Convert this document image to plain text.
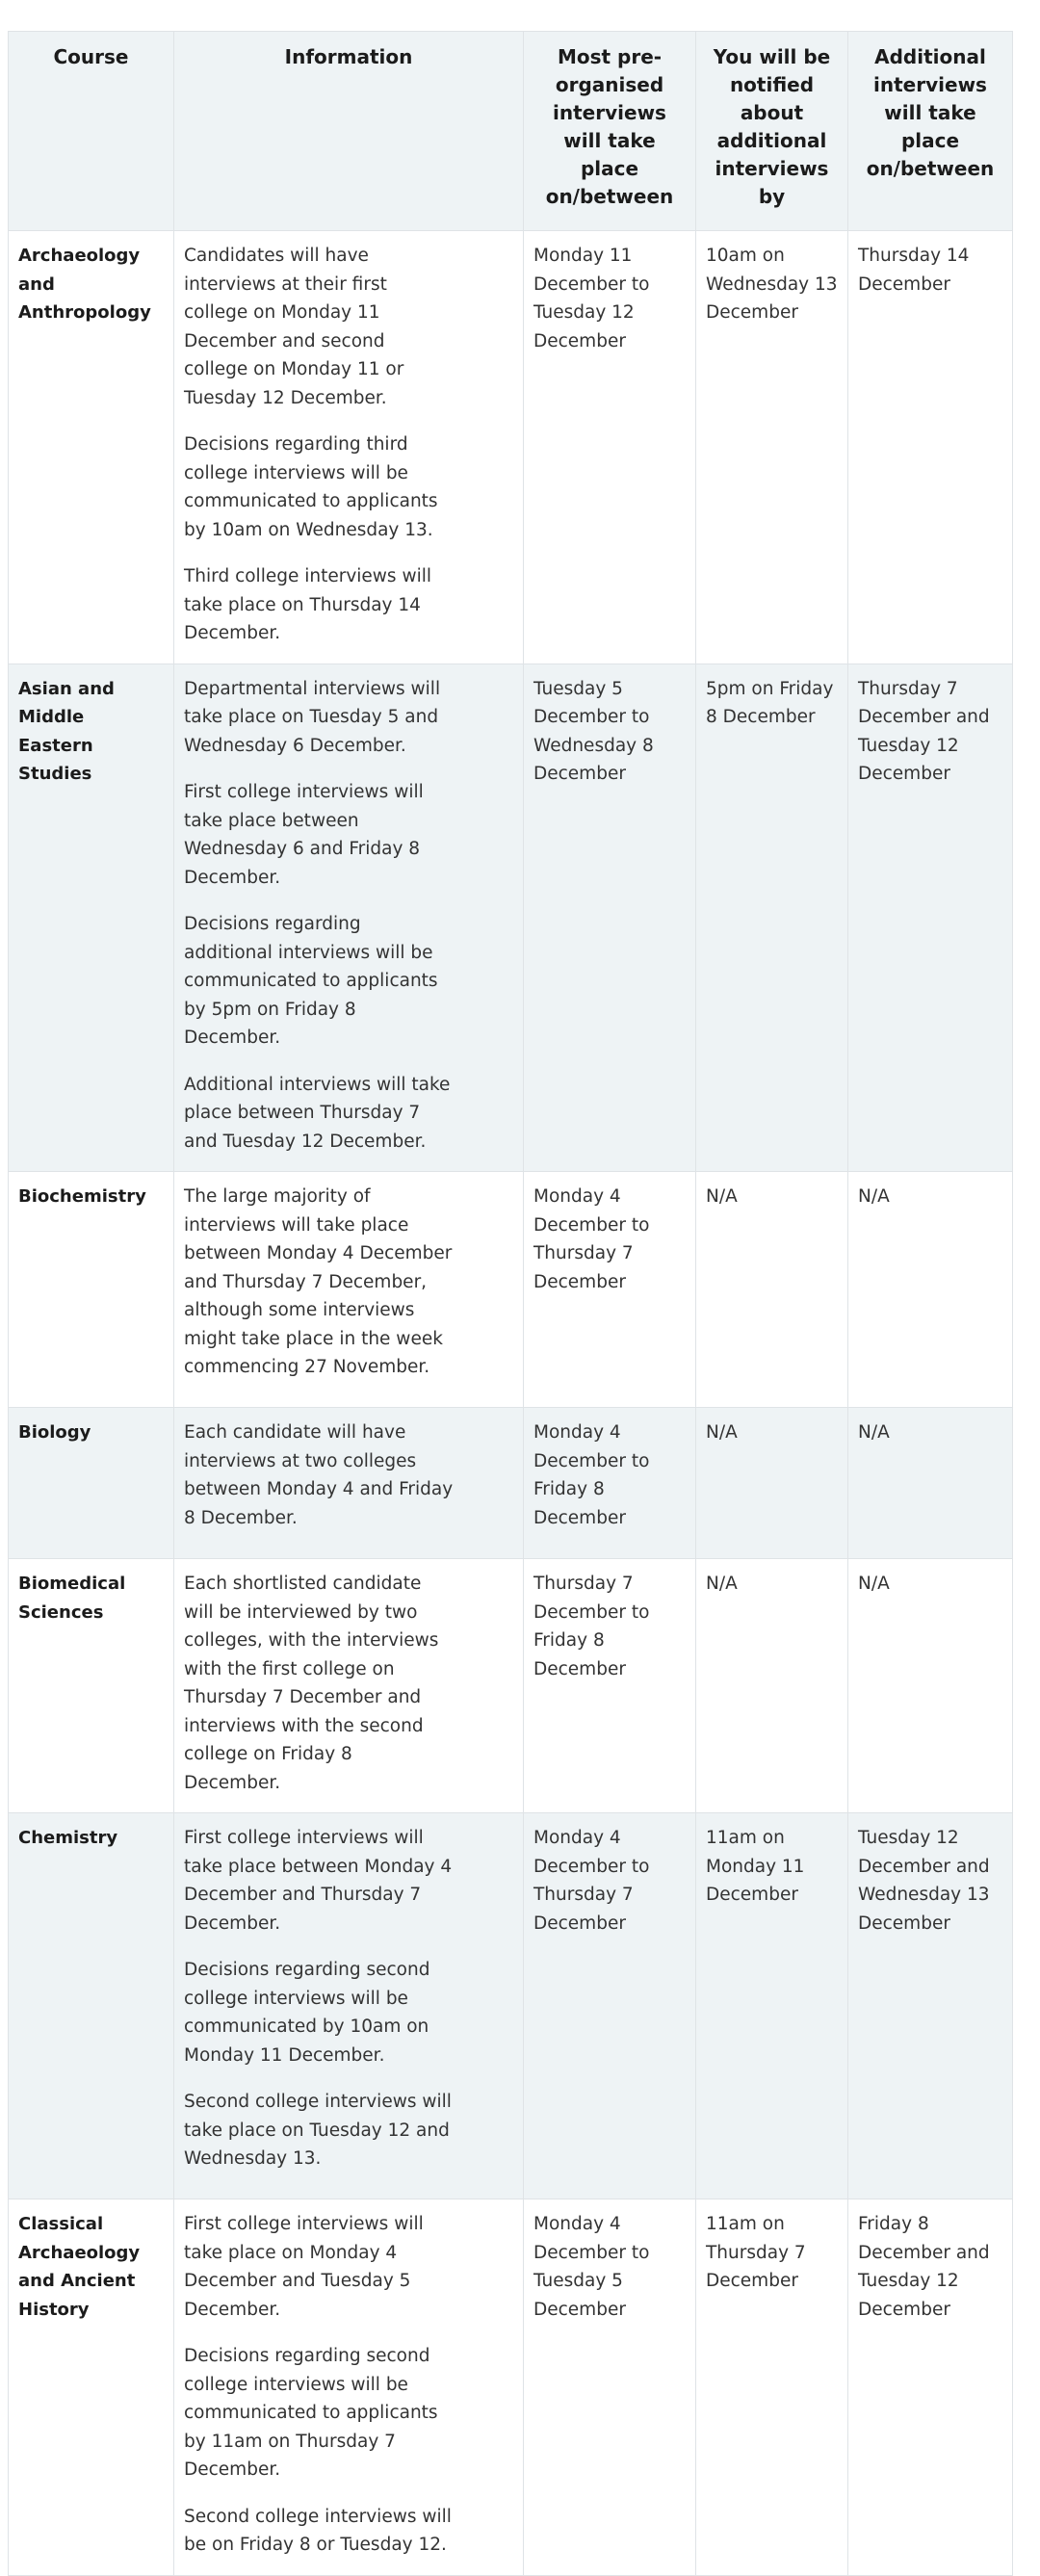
Course	Information	Most pre-organised interviews will take place on/between	You will be notified about additional interviews by	Additional interviews will take place on/between
Archaeology and Anthropology	Candidates will have interviews at their first college on Monday 11 December and second college on Monday 11 or Tuesday 12 December.

Decisions regarding third college interviews will be communicated to applicants by 10am on Wednesday 13.

Third college interviews will take place on Thursday 14 December.	Monday 11 December to Tuesday 12 December	10am on Wednesday 13 December	Thursday 14 December
Asian and Middle Eastern Studies	Departmental interviews will take place on Tuesday 5 and Wednesday 6 December.

First college interviews will take place between Wednesday 6 and Friday 8 December.

Decisions regarding additional interviews will be communicated to applicants by 5pm on Friday 8 December.

Additional interviews will take place between Thursday 7 and Tuesday 12 December.	Tuesday 5 December to Wednesday 8 December	5pm on Friday 8 December	Thursday 7 December and Tuesday 12 December
Biochemistry	The large majority of interviews will take place between Monday 4 December and Thursday 7 December, although some interviews might take place in the week commencing 27 November.	Monday 4 December to Thursday 7 December	N/A	N/A
Biology	Each candidate will have interviews at two colleges between Monday 4 and Friday 8 December.	Monday 4 December to Friday 8 December	N/A	N/A
Biomedical Sciences	Each shortlisted candidate will be interviewed by two colleges, with the interviews with the first college on Thursday 7 December and interviews with the second college on Friday 8 December.	Thursday 7 December to Friday 8 December	N/A	N/A
Chemistry	First college interviews will take place between Monday 4 December and Thursday 7 December.

Decisions regarding second college interviews will be communicated by 10am on Monday 11 December.

Second college interviews will take place on Tuesday 12 and Wednesday 13.	Monday 4 December to Thursday 7 December	11am on Monday 11 December	Tuesday 12 December and Wednesday 13 December
Classical Archaeology and Ancient History	First college interviews will take place on Monday 4 December and Tuesday 5 December.

Decisions regarding second college interviews will be communicated to applicants by 11am on Thursday 7 December.

Second college interviews will be on Friday 8 or Tuesday 12.	Monday 4 December to Tuesday 5 December	11am on Thursday 7 December	Friday 8 December and Tuesday 12 December
